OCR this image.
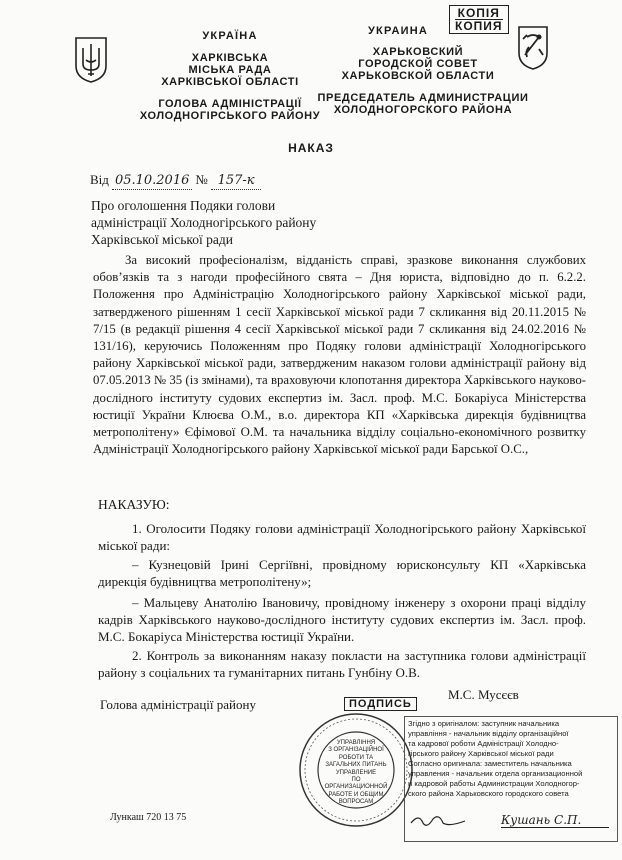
УКРАЇНА
ХАРКІВСЬКА
МІСЬКА РАДА
ХАРКІВСЬКОЇ ОБЛАСТІ
ГОЛОВА АДМІНІСТРАЦІЇ
ХОЛОДНОГІРСЬКОГО РАЙОНУ
КОПІЯ
КОПИЯ
УКРАИНА
ХАРЬКОВСКИЙ
ГОРОДСКОЙ СОВЕТ
ХАРЬКОВСКОЙ ОБЛАСТИ
ПРЕДСЕДАТЕЛЬ АДМИНИСТРАЦИИ
ХОЛОДНОГОРСКОГО РАЙОНА
НАКАЗ
Від 05.10.2016 № 157-к
Про оголошення Подяки голови
адміністрації Холодногірського району
Харківської міської ради
За високий професіоналізм, відданість справі, зразкове виконання службових обов’язків та з нагоди професійного свята – Дня юриста, відповідно до п. 6.2.2. Положення про Адміністрацію Холодногірського району Харківської міської ради, затвердженого рішенням 1 сесії Харківської міської ради 7 скликання від 20.11.2015 № 7/15 (в редакції рішення 4 сесії Харківської міської ради 7 скликання від 24.02.2016 № 131/16), керуючись Положенням про Подяку голови адміністрації Холодногірського району Харківської міської ради, затвердженим наказом голови адміністрації району від 07.05.2013 № 35 (із змінами), та враховуючи клопотання директора Харківського науково-дослідного інституту судових експертиз ім. Засл. проф. М.С. Бокаріуса Міністерства юстиції України Клюєва О.М., в.о. директора КП «Харківська дирекція будівництва метрополітену» Єфімової О.М. та начальника відділу соціально-економічного розвитку Адміністрації Холодногірського району Харківської міської ради Барської О.С.,
НАКАЗУЮ:
1. Оголосити Подяку голови адміністрації Холодногірського району Харківської міської ради:
– Кузнецовій Ірині Сергіївні, провідному юрисконсульту КП «Харківська дирекція будівництва метрополітену»;
– Мальцеву Анатолію Івановичу, провідному інженеру з охорони праці відділу кадрів Харківського науково-дослідного інституту судових експертиз ім. Засл. проф. М.С. Бокаріуса Міністерства юстиції України.
2. Контроль за виконанням наказу покласти на заступника голови адміністрації району з соціальних та гуманітарних питань Гунбіну О.В.
Голова адміністрації району
М.С. Мусєєв
ПОДПИСЬ
УПРАВЛІННЯ
З ОРГАНІЗАЦІЙНОЇ
РОБОТИ ТА
ЗАГАЛЬНИХ ПИТАНЬ
УПРАВЛЕНИЕ
ПО ОРГАНИЗАЦИОННОЙ
РАБОТЕ И ОБЩИМ
ВОПРОСАМ
Згідно з оригіналом: заступник начальника
управління - начальник відділу організаційної
та кадрової роботи Адміністрації Холодно-
гірського району Харківської міської ради
Согласно оригинала: заместитель начальника
управления - начальник отдела организационной
и кадровой работы Администрации Холодногор-
ского района Харьковского городского совета
Кушань С.П.
Лункаш 720 13 75
